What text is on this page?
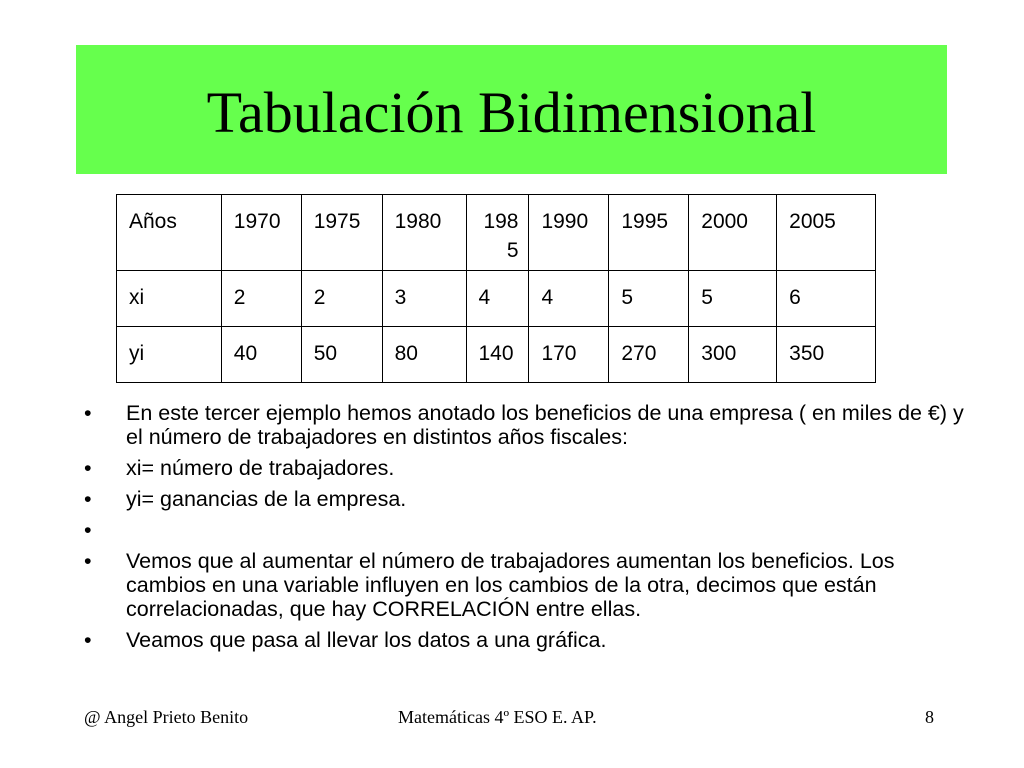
Tabulación Bidimensional
Años	1970	1975	1980	1985	1990	1995	2000	2005
xi	2	2	3	4	4	5	5	6
yi	40	50	80	140	170	270	300	350
•	En este tercer ejemplo hemos anotado los beneficios de una empresa ( en miles de €) y el número de trabajadores en distintos años fiscales:
•	xi= número de trabajadores.
•	yi= ganancias de la empresa.
•
•	Vemos que al aumentar el número de trabajadores aumentan los beneficios. Los cambios en una variable influyen en los cambios de la otra, decimos que están correlacionadas, que hay CORRELACIÓN entre ellas.
•	Veamos que pasa al llevar los datos a una gráfica.
@ Angel Prieto Benito	Matemáticas 4º ESO E. AP.	8
